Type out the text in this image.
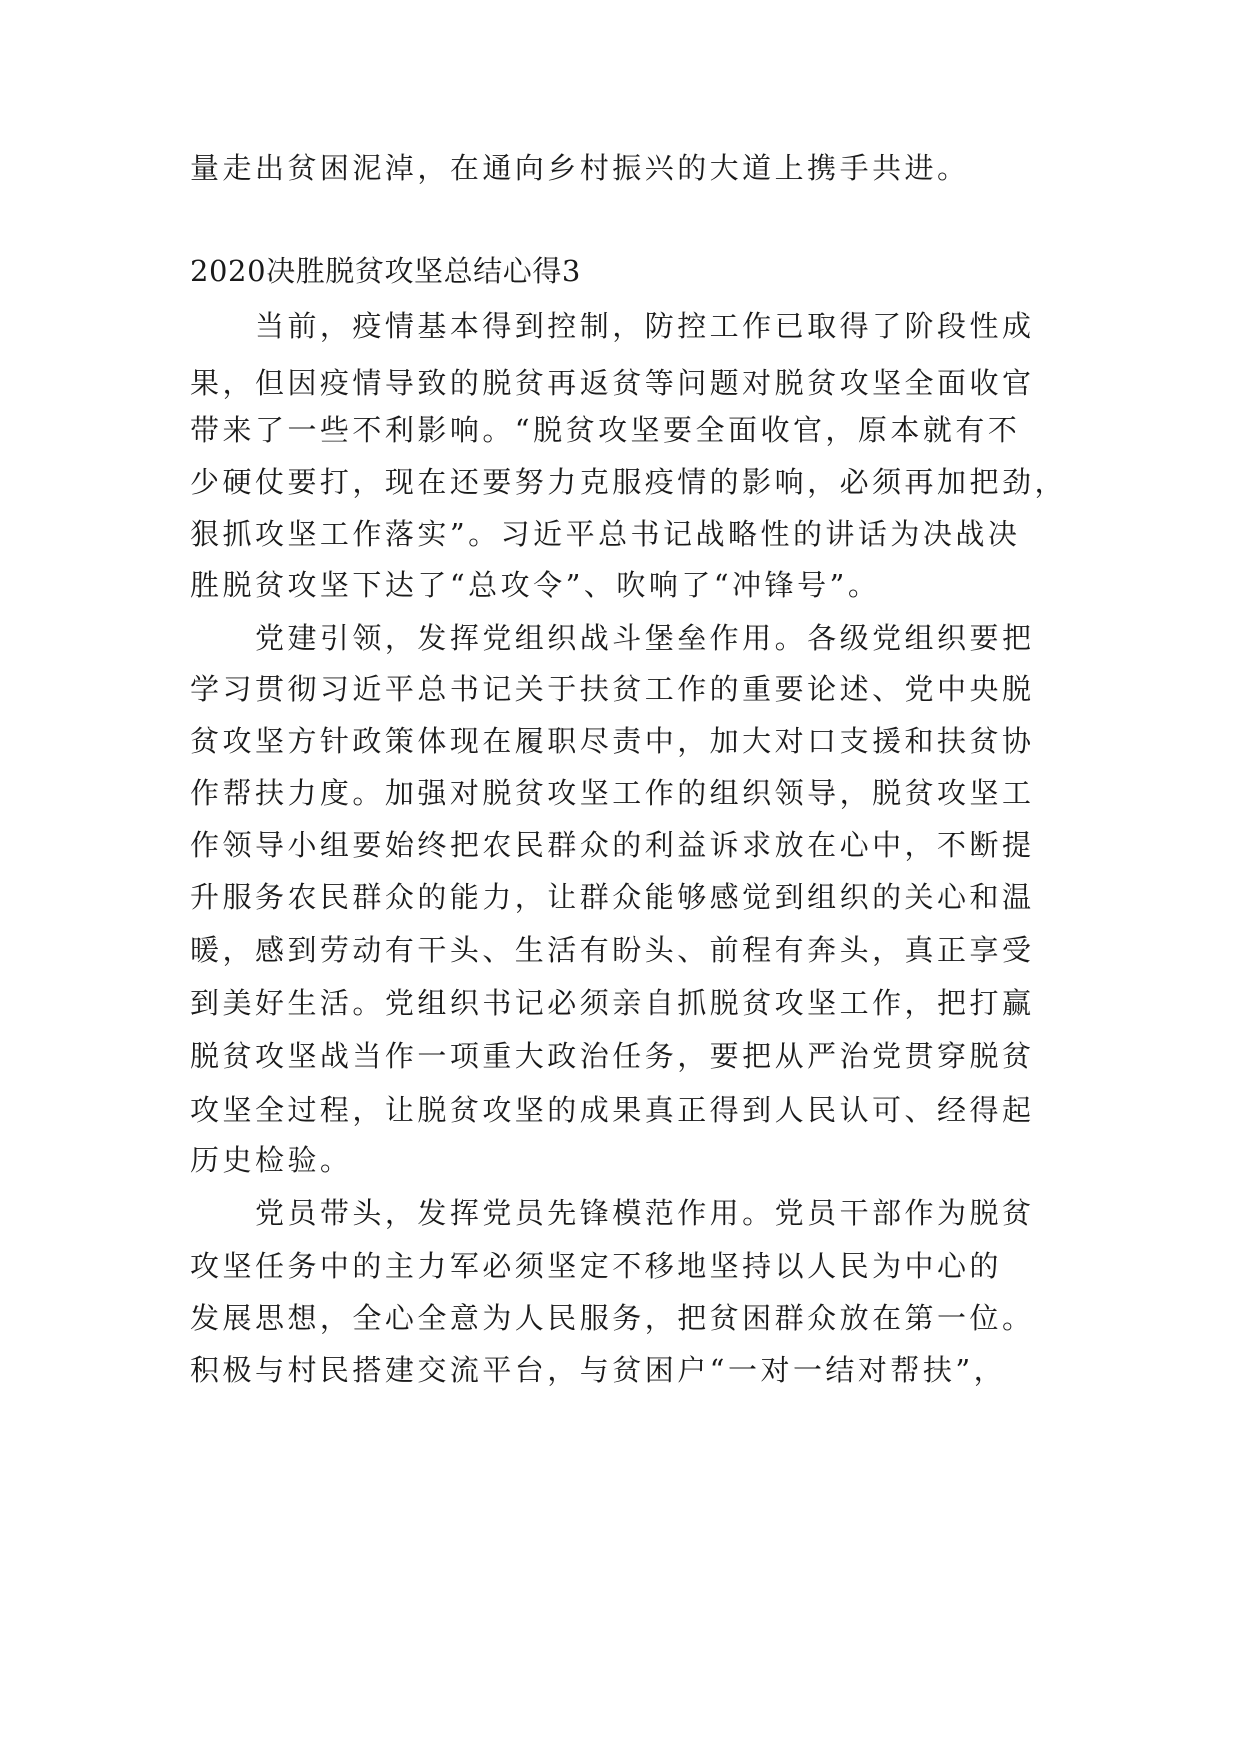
量走出贫困泥淖，在通向乡村振兴的大道上携手共进。
2020决胜脱贫攻坚总结心得3
　　当前，疫情基本得到控制，防控工作已取得了阶段性成
果，但因疫情导致的脱贫再返贫等问题对脱贫攻坚全面收官
带来了一些不利影响。“脱贫攻坚要全面收官，原本就有不
少硬仗要打，现在还要努力克服疫情的影响，必须再加把劲，
狠抓攻坚工作落实”。习近平总书记战略性的讲话为决战决
胜脱贫攻坚下达了“总攻令”、吹响了“冲锋号”。
　　党建引领，发挥党组织战斗堡垒作用。各级党组织要把
学习贯彻习近平总书记关于扶贫工作的重要论述、党中央脱
贫攻坚方针政策体现在履职尽责中，加大对口支援和扶贫协
作帮扶力度。加强对脱贫攻坚工作的组织领导，脱贫攻坚工
作领导小组要始终把农民群众的利益诉求放在心中，不断提
升服务农民群众的能力，让群众能够感觉到组织的关心和温
暖，感到劳动有干头、生活有盼头、前程有奔头，真正享受
到美好生活。党组织书记必须亲自抓脱贫攻坚工作，把打赢
脱贫攻坚战当作一项重大政治任务，要把从严治党贯穿脱贫
攻坚全过程，让脱贫攻坚的成果真正得到人民认可、经得起
历史检验。
　　党员带头，发挥党员先锋模范作用。党员干部作为脱贫
攻坚任务中的主力军必须坚定不移地坚持以人民为中心的
发展思想，全心全意为人民服务，把贫困群众放在第一位。
积极与村民搭建交流平台，与贫困户“一对一结对帮扶”，
